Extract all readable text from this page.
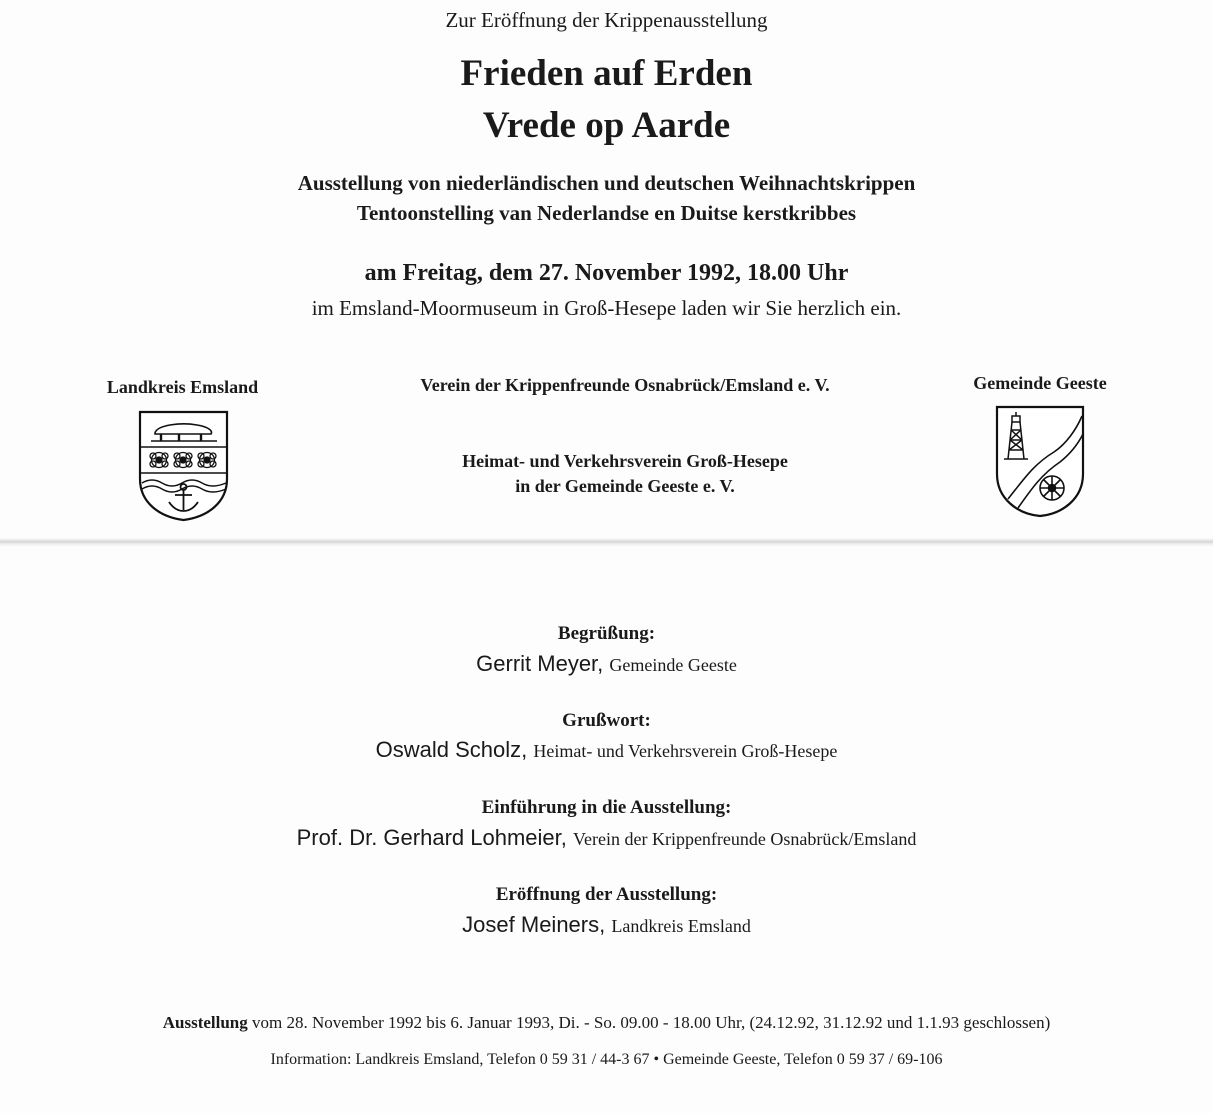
Zur Eröffnung der Krippenausstellung
Frieden auf Erden
Vrede op Aarde
Ausstellung von niederländischen und deutschen Weihnachtskrippen
Tentoonstelling van Nederlandse en Duitse kerstkribbes
am Freitag, dem 27. November 1992, 18.00 Uhr
im Emsland-Moormuseum in Groß-Hesepe laden wir Sie herzlich ein.
Landkreis Emsland	Verein der Krippenfreunde Osnabrück/Emsland e. V.
Heimat- und Verkehrsverein Groß-Hesepe
in der Gemeinde Geeste e. V.
Gemeinde Geeste
Begrüßung:
Gerrit Meyer, Gemeinde Geeste
Grußwort:
Oswald Scholz, Heimat- und Verkehrsverein Groß-Hesepe
Einführung in die Ausstellung:
Prof. Dr. Gerhard Lohmeier, Verein der Krippenfreunde Osnabrück/Emsland
Eröffnung der Ausstellung:
Josef Meiners, Landkreis Emsland
Ausstellung vom 28. November 1992 bis 6. Januar 1993, Di. - So. 09.00 - 18.00 Uhr, (24.12.92, 31.12.92 und 1.1.93 geschlossen)
Information: Landkreis Emsland, Telefon 0 59 31 / 44-3 67 • Gemeinde Geeste, Telefon 0 59 37 / 69-106
